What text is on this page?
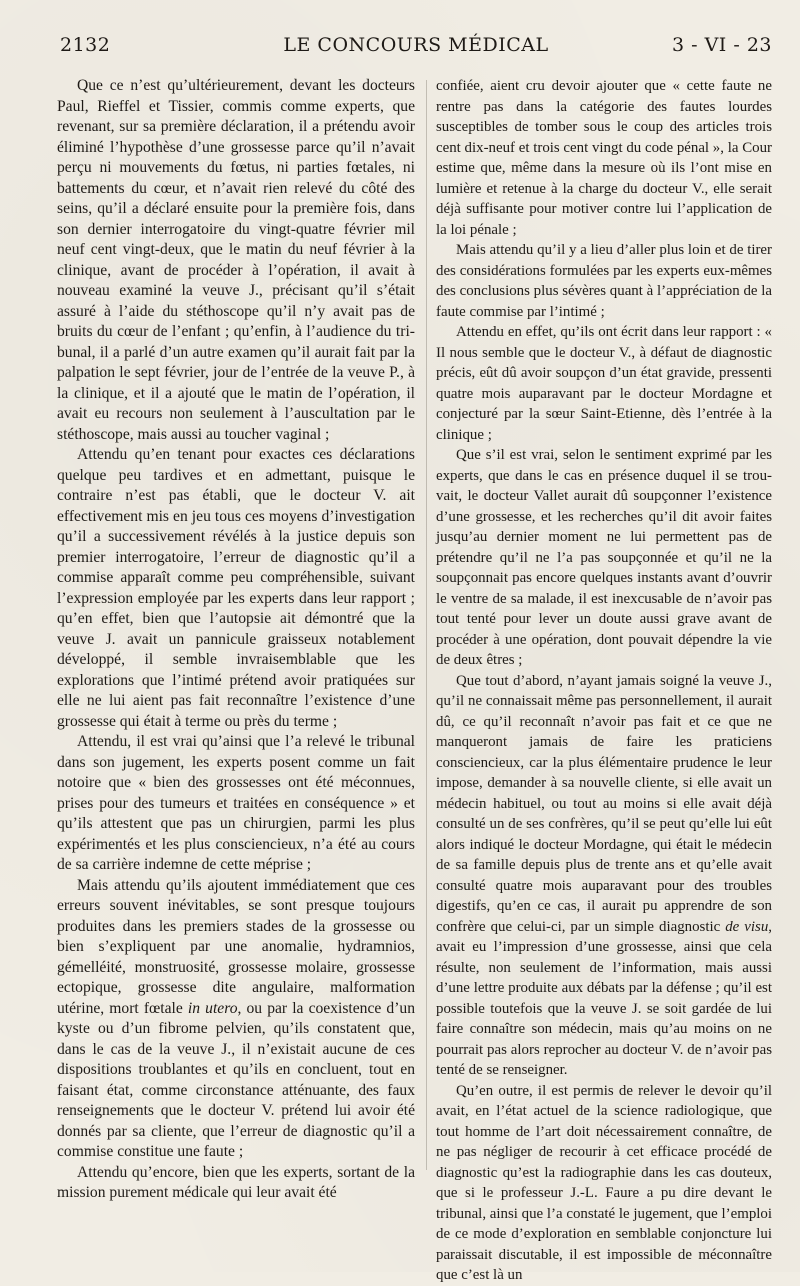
2132	LE CONCOURS MÉDICAL	3 - VI - 23

Que ce n’est qu’ultérieurement, devant les docteurs Paul, Rieffel et Tissier, commis comme experts, que revenant, sur sa première déclaration, il a prétendu avoir éliminé l’hypothèse d’une grossesse parce qu’il n’avait perçu ni mouvements du fœtus, ni parties fœtales, ni battements du cœur, et n’avait rien relevé du côté des seins, qu’il a déclaré ensuite pour la première fois, dans son dernier interrogatoire du vingt-quatre février mil neuf cent vingt-deux, que le matin du neuf février à la clinique, avant de procéder à l’opération, il avait à nouveau examiné la veuve J., précisant qu’il s’était assuré à l’aide du stéthoscope qu’il n’y avait pas de bruits du cœur de l’enfant ; qu’enfin, à l’audience du tribunal, il a parlé d’un autre examen qu’il aurait fait par la palpation le sept février, jour de l’entrée de la veuve P., à la clinique, et il a ajouté que le matin de l’opération, il avait eu recours non seulement à l’auscultation par le stéthoscope, mais aussi au toucher vaginal ;

Attendu qu’en tenant pour exactes ces déclarations quelque peu tardives et en admettant, puisque le contraire n’est pas établi, que le docteur V. ait effectivement mis en jeu tous ces moyens d’investigation qu’il a successivement révélés à la justice depuis son premier interrogatoire, l’erreur de diagnostic qu’il a commise apparaît comme peu compréhensible, suivant l’expression employée par les experts dans leur rapport ; qu’en effet, bien que l’autopsie ait démontré que la veuve J. avait un pannicule graisseux notablement développé, il semble invraisemblable que les explorations que l’intimé prétend avoir pratiquées sur elle ne lui aient pas fait reconnaître l’existence d’une grossesse qui était à terme ou près du terme ;

Attendu, il est vrai qu’ainsi que l’a relevé le tribunal dans son jugement, les experts posent comme un fait notoire que « bien des grossesses ont été méconnues, prises pour des tumeurs et traitées en conséquence » et qu’ils attestent que pas un chirurgien, parmi les plus expérimentés et les plus consciencieux, n’a été au cours de sa carrière indemne de cette méprise ;

Mais attendu qu’ils ajoutent immédiatement que ces erreurs souvent inévitables, se sont presque toujours produites dans les premiers stades de la grossesse ou bien s’expliquent par une anomalie, hydramnios, gémelléité, monstruosité, grossesse molaire, grossesse ectopique, grossesse dite angulaire, malformation utérine, mort fœtale in utero, ou par la coexistence d’un kyste ou d’un fibrome pelvien, qu’ils constatent que, dans le cas de la veuve J., il n’existait aucune de ces dispositions troublantes et qu’ils en concluent, tout en faisant état, comme circonstance atténuante, des faux renseignements que le docteur V. prétend lui avoir été donnés par sa cliente, que l’erreur de diagnostic qu’il a commise constitue une faute ;

Attendu qu’encore, bien que les experts, sortant de la mission purement médicale qui leur avait été

confiée, aient cru devoir ajouter que « cette faute ne rentre pas dans la catégorie des fautes lourdes susceptibles de tomber sous le coup des articles trois cent dix-neuf et trois cent vingt du code pénal », la Cour estime que, même dans la mesure où ils l’ont mise en lumière et retenue à la charge du docteur V., elle serait déjà suffisante pour motiver contre lui l’application de la loi pénale ;

Mais attendu qu’il y a lieu d’aller plus loin et de tirer des considérations formulées par les experts eux-mêmes des conclusions plus sévères quant à l’appréciation de la faute commise par l’intimé ;

Attendu en effet, qu’ils ont écrit dans leur rapport : « Il nous semble que le docteur V., à défaut de diagnostic précis, eût dû avoir soupçon d’un état gravide, pressenti quatre mois auparavant par le docteur Mordagne et conjecturé par la sœur Saint-Etienne, dès l’entrée à la clinique ;

Que s’il est vrai, selon le sentiment exprimé par les experts, que dans le cas en présence duquel il se trouvait, le docteur Vallet aurait dû soupçonner l’existence d’une grossesse, et les recherches qu’il dit avoir faites jusqu’au dernier moment ne lui permettent pas de prétendre qu’il ne l’a pas soupçonnée et qu’il ne la soupçonnait pas encore quelques instants avant d’ouvrir le ventre de sa malade, il est inexcusable de n’avoir pas tout tenté pour lever un doute aussi grave avant de procéder à une opération, dont pouvait dépendre la vie de deux êtres ;

Que tout d’abord, n’ayant jamais soigné la veuve J., qu’il ne connaissait même pas personnellement, il aurait dû, ce qu’il reconnaît n’avoir pas fait et ce que ne manqueront jamais de faire les praticiens consciencieux, car la plus élémentaire prudence le leur impose, demander à sa nouvelle cliente, si elle avait un médecin habituel, ou tout au moins si elle avait déjà consulté un de ses confrères, qu’il se peut qu’elle lui eût alors indiqué le docteur Mordagne, qui était le médecin de sa famille depuis plus de trente ans et qu’elle avait consulté quatre mois auparavant pour des troubles digestifs, qu’en ce cas, il aurait pu apprendre de son confrère que celui-ci, par un simple diagnostic de visu, avait eu l’impression d’une grossesse, ainsi que cela résulte, non seulement de l’information, mais aussi d’une lettre produite aux débats par la défense ; qu’il est possible toutefois que la veuve J. se soit gardée de lui faire connaître son médecin, mais qu’au moins on ne pourrait pas alors reprocher au docteur V. de n’avoir pas tenté de se renseigner.

Qu’en outre, il est permis de relever le devoir qu’il avait, en l’état actuel de la science radiologique, que tout homme de l’art doit nécessairement connaître, de ne pas négliger de recourir à cet efficace procédé de diagnostic qu’est la radiographie dans les cas douteux, que si le professeur J.-L. Faure a pu dire devant le tribunal, ainsi que l’a constaté le jugement, que l’emploi de ce mode d’exploration en semblable conjoncture lui paraissait discutable, il est impossible de méconnaître que c’est là un
